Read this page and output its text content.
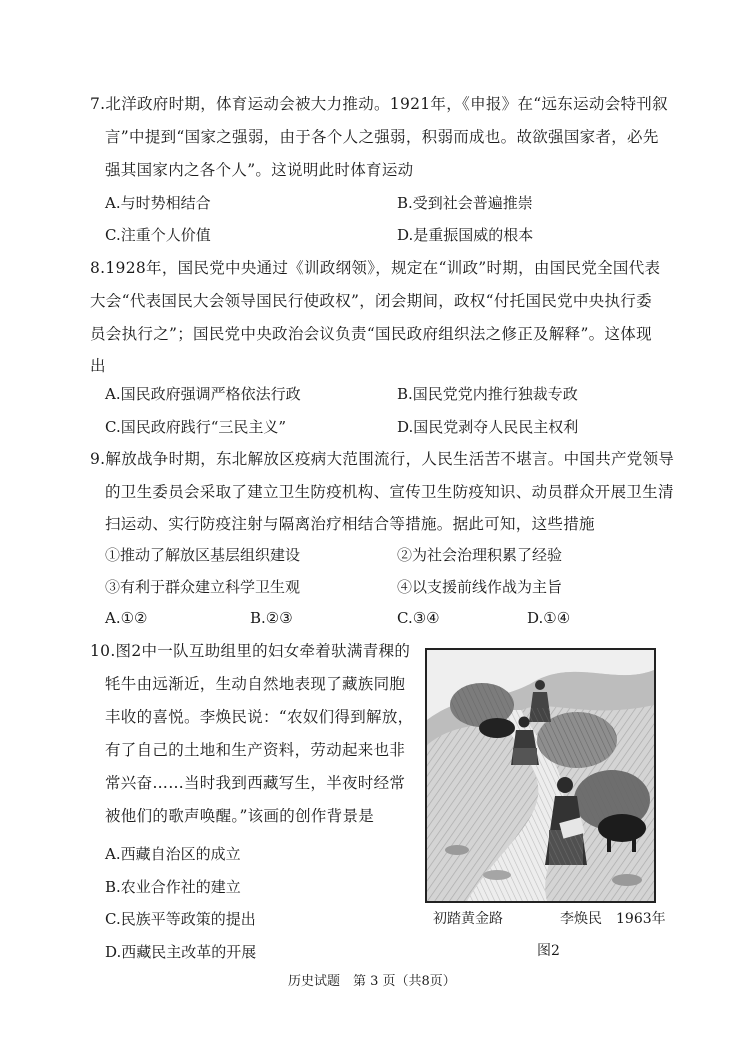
7.北洋政府时期，体育运动会被大力推动。1921年，《申报》在“远东运动会特刊叙
言”中提到“国家之强弱，由于各个人之强弱，积弱而成也。故欲强国家者，必先
强其国家内之各个人”。这说明此时体育运动
A.与时势相结合	B.受到社会普遍推崇
C.注重个人价值	D.是重振国威的根本
8.1928年，国民党中央通过《训政纲领》，规定在“训政”时期，由国民党全国代表
大会“代表国民大会领导国民行使政权”，闭会期间，政权“付托国民党中央执行委
员会执行之”；国民党中央政治会议负责“国民政府组织法之修正及解释”。这体现
出
A.国民政府强调严格依法行政	B.国民党党内推行独裁专政
C.国民政府践行“三民主义”	D.国民党剥夺人民民主权利
9.解放战争时期，东北解放区疫病大范围流行，人民生活苦不堪言。中国共产党领导
的卫生委员会采取了建立卫生防疫机构、宣传卫生防疫知识、动员群众开展卫生清
扫运动、实行防疫注射与隔离治疗相结合等措施。据此可知，这些措施
①推动了解放区基层组织建设	②为社会治理积累了经验
③有利于群众建立科学卫生观	④以支援前线作战为主旨
A.①②	B.②③	C.③④	D.①④
10.图2中一队互助组里的妇女牵着驮满青稞的
牦牛由远渐近，生动自然地表现了藏族同胞
丰收的喜悦。李焕民说：“农奴们得到解放，
有了自己的土地和生产资料，劳动起来也非
常兴奋……当时我到西藏写生，半夜时经常
被他们的歌声唤醒。”该画的创作背景是
A.西藏自治区的成立
B.农业合作社的建立
C.民族平等政策的提出
D.西藏民主改革的开展
初踏黄金路	李焕民 1963年
图2
历史试题　第 3 页（共8页）
